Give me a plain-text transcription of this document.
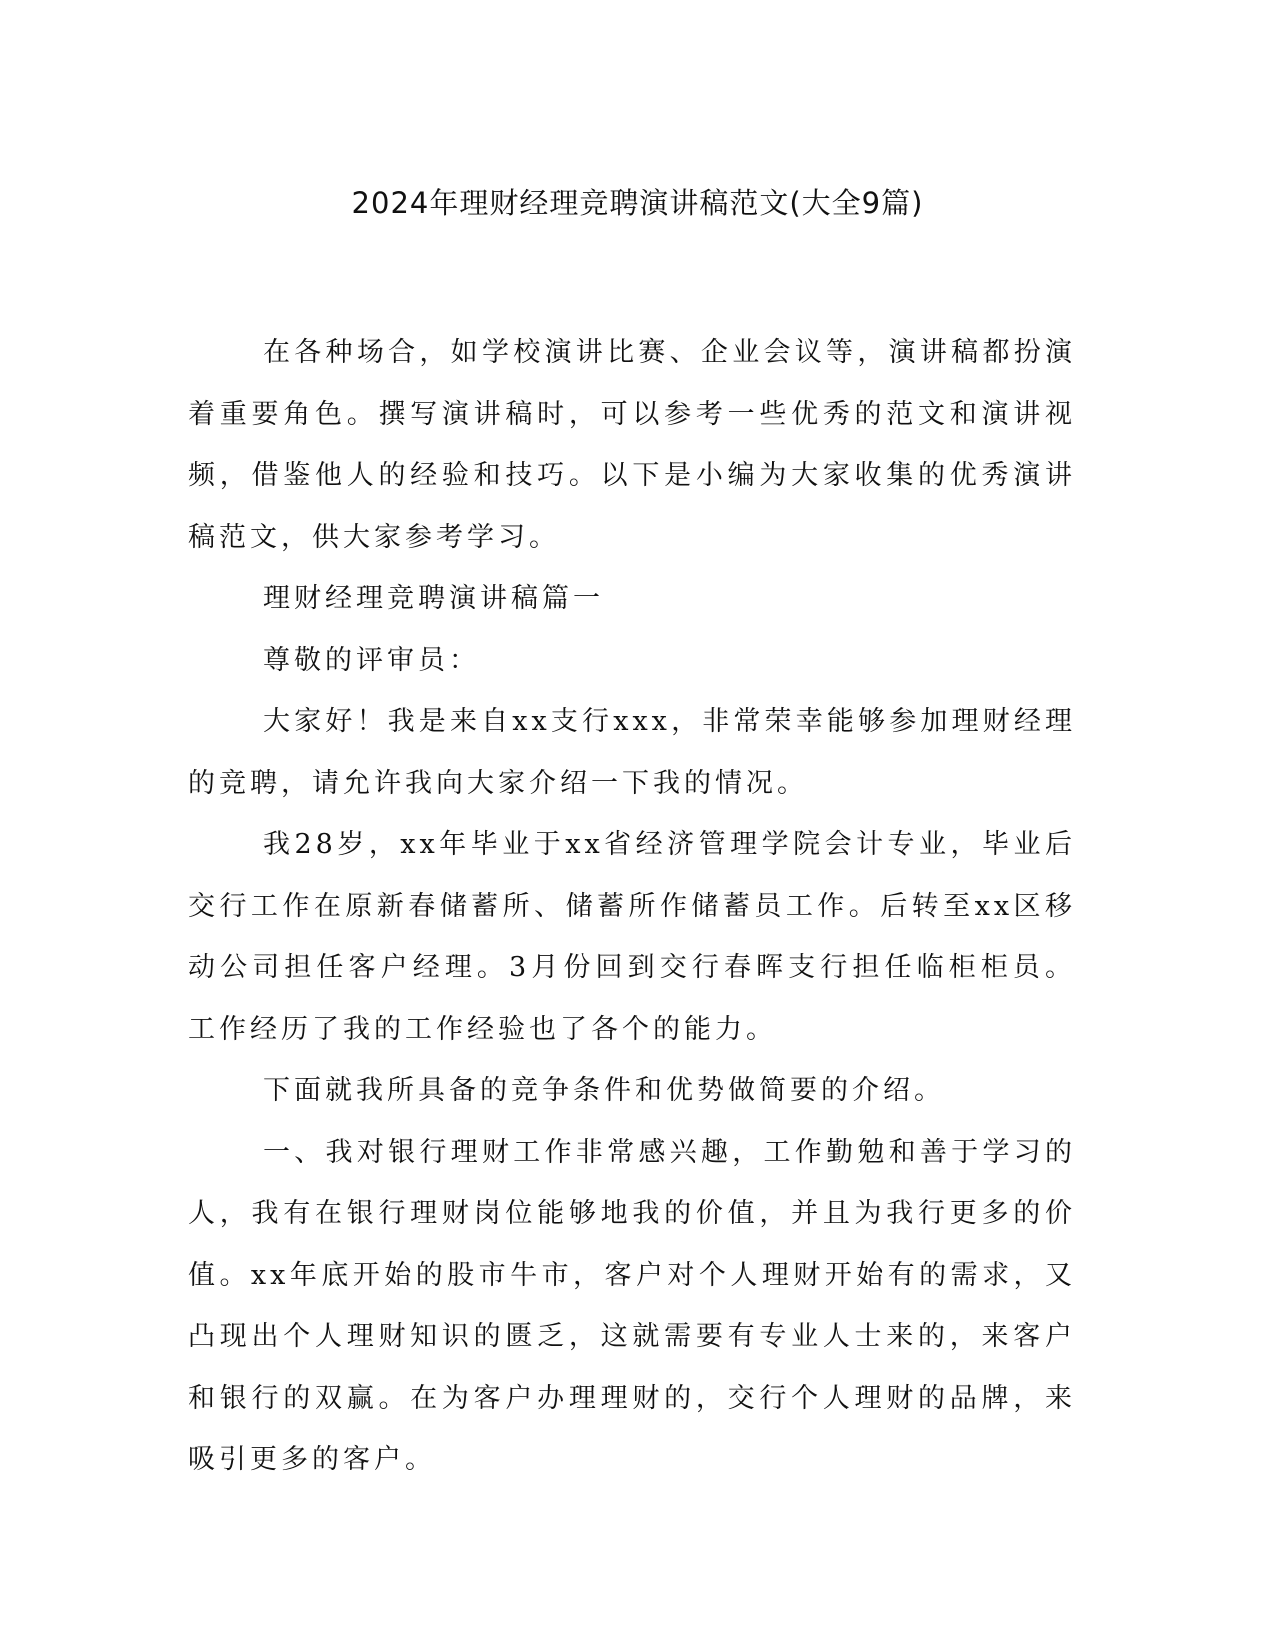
2024年理财经理竞聘演讲稿范文(大全9篇)

在各种场合，如学校演讲比赛、企业会议等，演讲稿都扮演着重要角色。撰写演讲稿时，可以参考一些优秀的范文和演讲视频，借鉴他人的经验和技巧。以下是小编为大家收集的优秀演讲稿范文，供大家参考学习。

理财经理竞聘演讲稿篇一

尊敬的评审员：

大家好！我是来自xx支行xxx，非常荣幸能够参加理财经理的竞聘，请允许我向大家介绍一下我的情况。

我28岁，xx年毕业于xx省经济管理学院会计专业，毕业后交行工作在原新春储蓄所、储蓄所作储蓄员工作。后转至xx区移动公司担任客户经理。3月份回到交行春晖支行担任临柜柜员。工作经历了我的工作经验也了各个的能力。

下面就我所具备的竞争条件和优势做简要的介绍。

一、我对银行理财工作非常感兴趣，工作勤勉和善于学习的人，我有在银行理财岗位能够地我的价值，并且为我行更多的价值。xx年底开始的股市牛市，客户对个人理财开始有的需求，又凸现出个人理财知识的匮乏，这就需要有专业人士来的，来客户和银行的双赢。在为客户办理理财的，交行个人理财的品牌，来吸引更多的客户。
